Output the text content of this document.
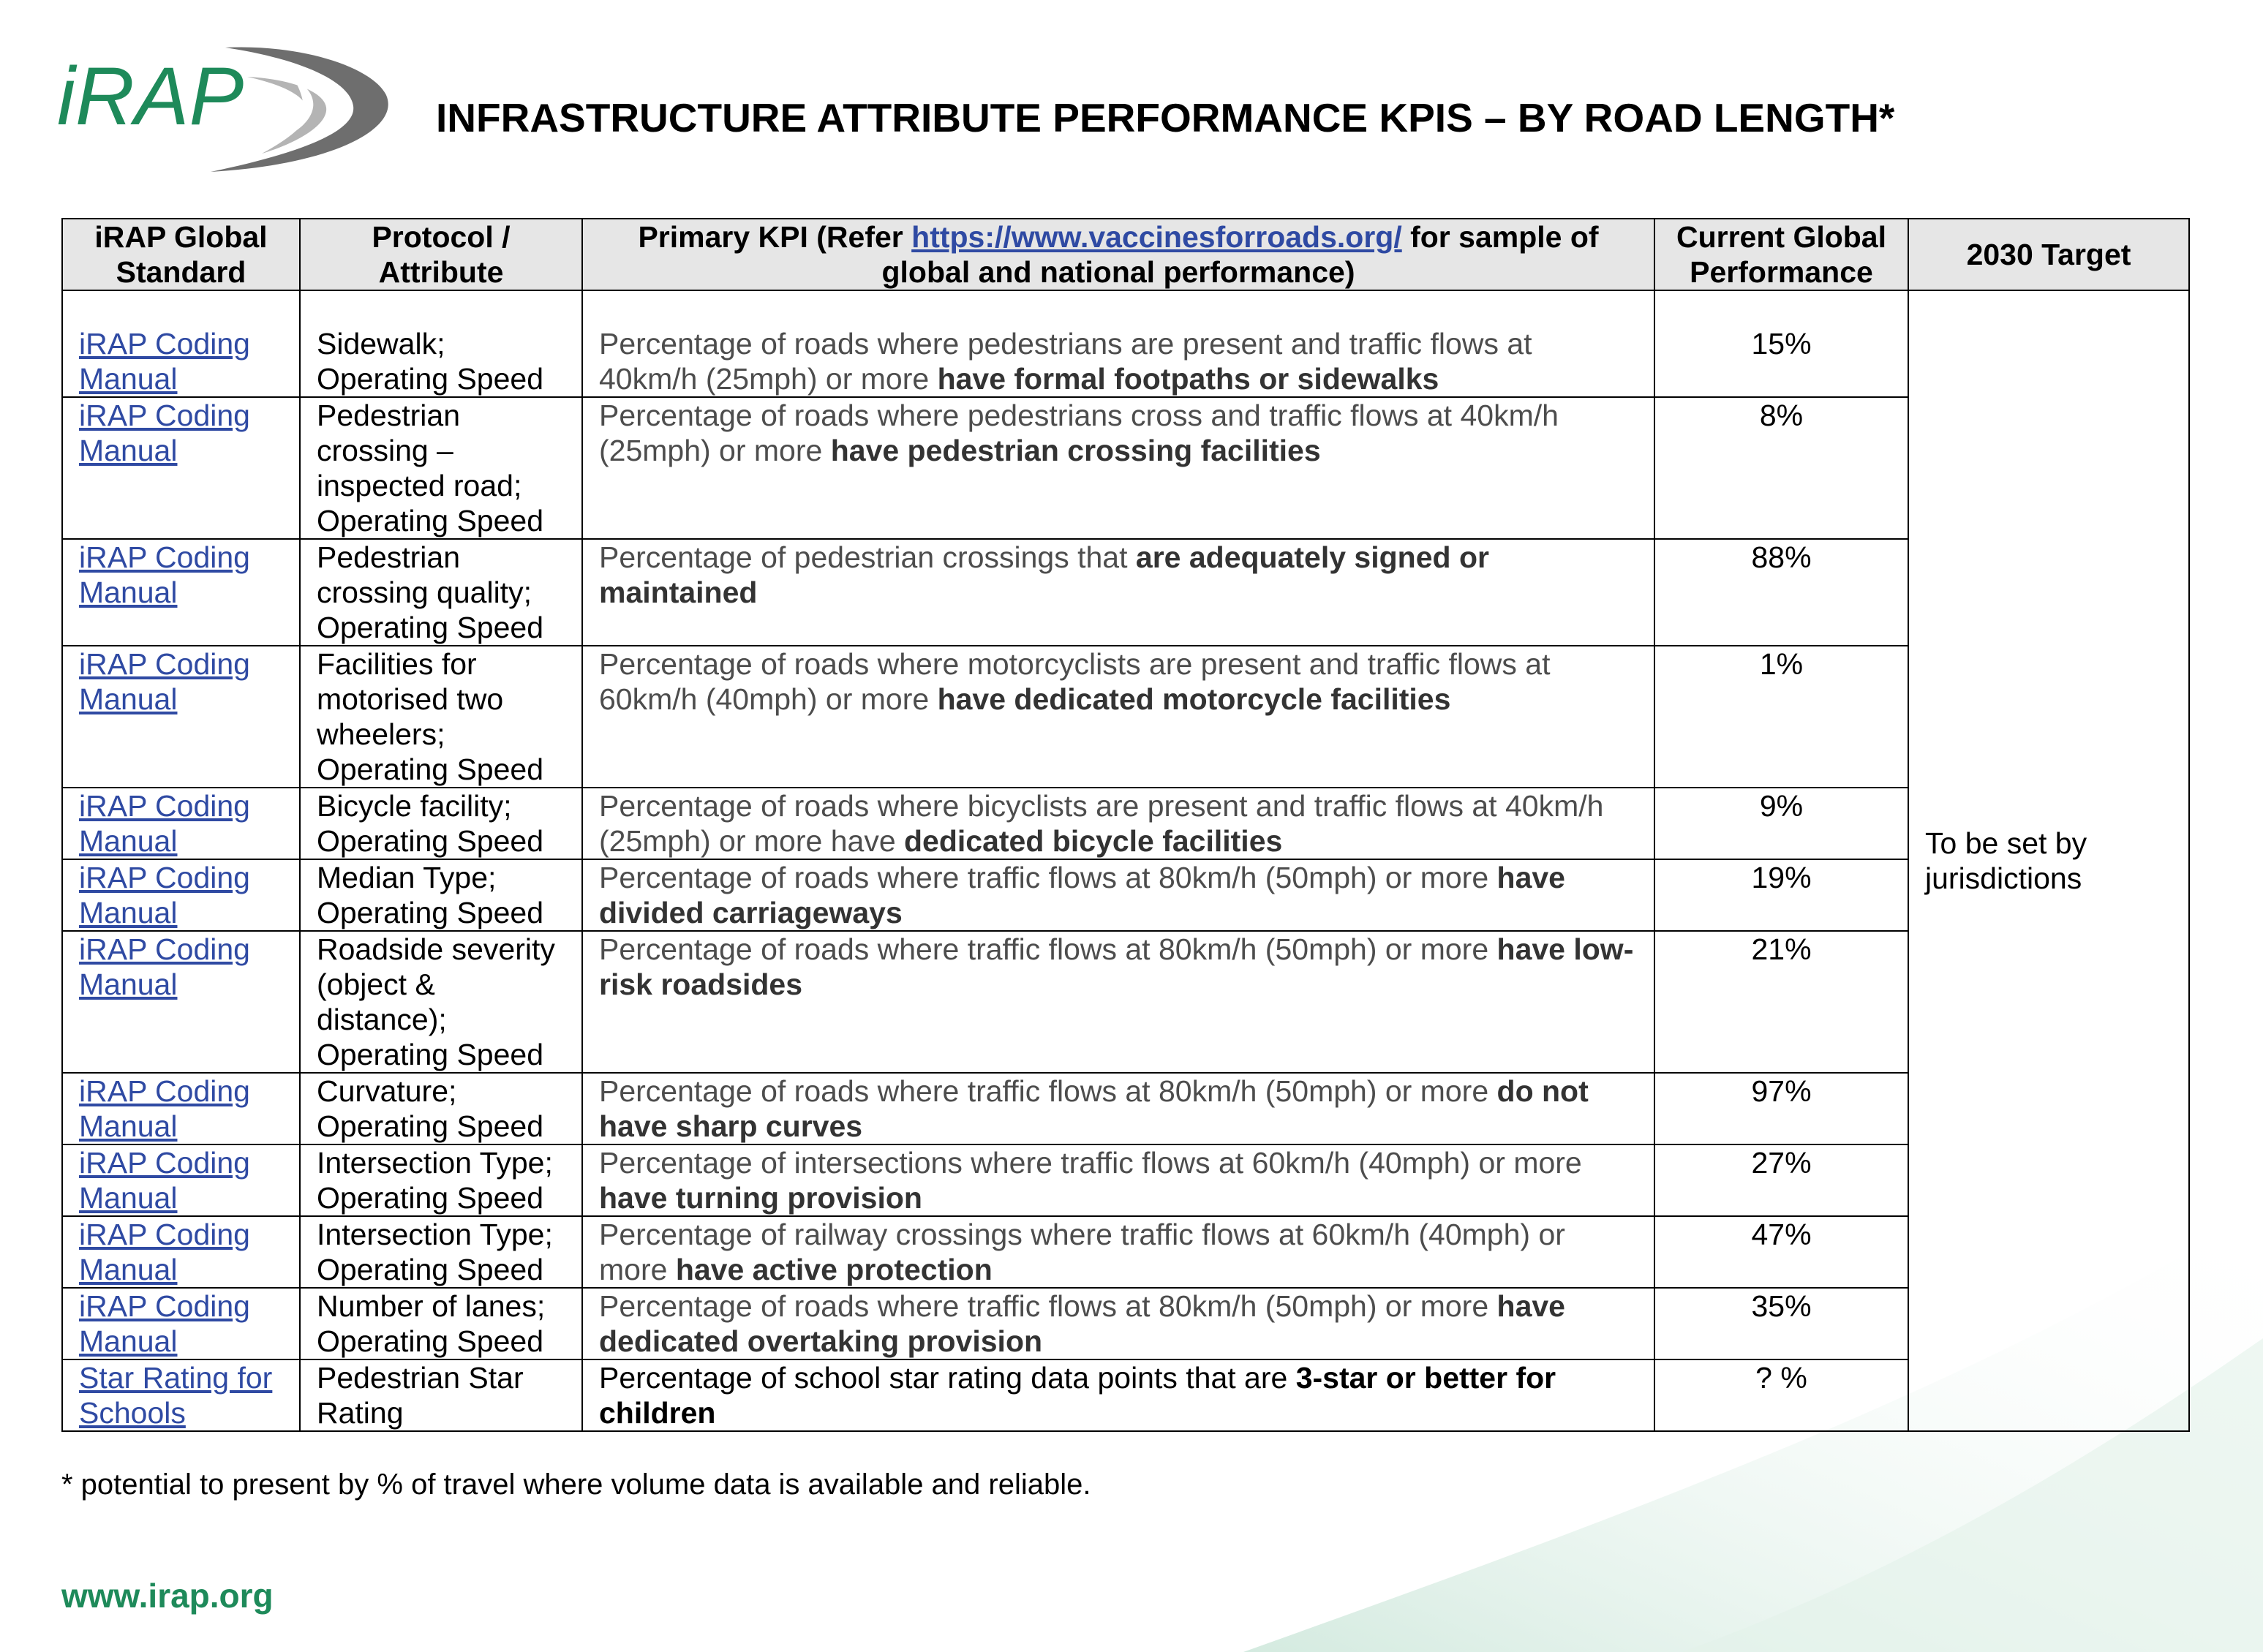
iRAP	INFRASTRUCTURE ATTRIBUTE PERFORMANCE KPIS – BY ROAD LENGTH*
iRAP Global Standard	Protocol / Attribute	Primary KPI (Refer https://www.vaccinesforroads.org/ for sample of global and national performance)	Current Global Performance	2030 Target
iRAP Coding Manual	Sidewalk; Operating Speed	Percentage of roads where pedestrians are present and traffic flows at 40km/h (25mph) or more have formal footpaths or sidewalks	15%	To be set by jurisdictions
iRAP Coding Manual	Pedestrian crossing – inspected road; Operating Speed	Percentage of roads where pedestrians cross and traffic flows at 40km/h (25mph) or more have pedestrian crossing facilities	8%	
iRAP Coding Manual	Pedestrian crossing quality; Operating Speed	Percentage of pedestrian crossings that are adequately signed or maintained	88%	
iRAP Coding Manual	Facilities for motorised two wheelers; Operating Speed	Percentage of roads where motorcyclists are present and traffic flows at 60km/h (40mph) or more have dedicated motorcycle facilities	1%	
iRAP Coding Manual	Bicycle facility; Operating Speed	Percentage of roads where bicyclists are present and traffic flows at 40km/h (25mph) or more have dedicated bicycle facilities	9%	
iRAP Coding Manual	Median Type; Operating Speed	Percentage of roads where traffic flows at 80km/h (50mph) or more have divided carriageways	19%	
iRAP Coding Manual	Roadside severity (object & distance); Operating Speed	Percentage of roads where traffic flows at 80km/h (50mph) or more have low-risk roadsides	21%	
iRAP Coding Manual	Curvature; Operating Speed	Percentage of roads where traffic flows at 80km/h (50mph) or more do not have sharp curves	97%	
iRAP Coding Manual	Intersection Type; Operating Speed	Percentage of intersections where traffic flows at 60km/h (40mph) or more have turning provision	27%	
iRAP Coding Manual	Intersection Type; Operating Speed	Percentage of railway crossings where traffic flows at 60km/h (40mph) or more have active protection	47%	
iRAP Coding Manual	Number of lanes; Operating Speed	Percentage of roads where traffic flows at 80km/h (50mph) or more have dedicated overtaking provision	35%	
Star Rating for Schools	Pedestrian Star Rating	Percentage of school star rating data points that are 3-star or better for children	? %	
* potential to present by % of travel where volume data is available and reliable.
www.irap.org
